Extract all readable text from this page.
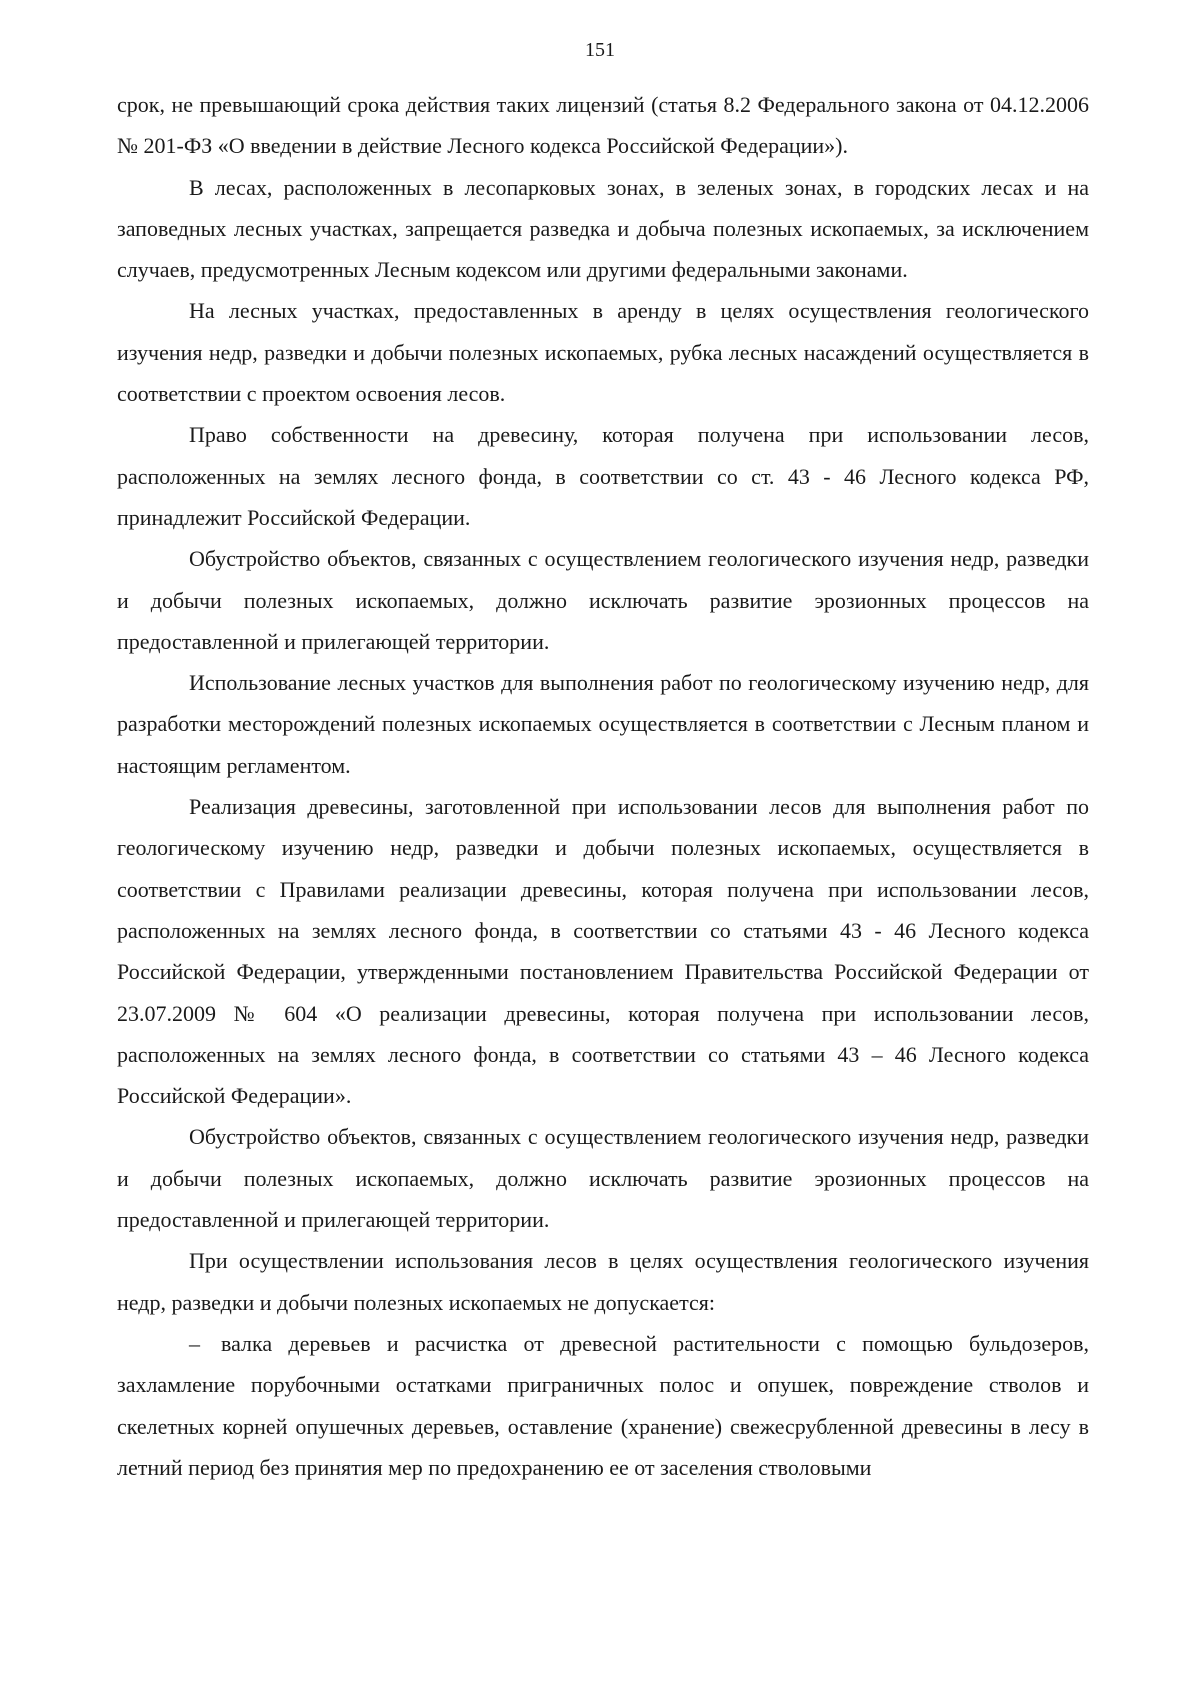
151

срок, не превышающий срока действия таких лицензий (статья 8.2 Федерального закона от 04.12.2006 № 201-ФЗ «О введении в действие Лесного кодекса Российской Федерации»).

В лесах, расположенных в лесопарковых зонах, в зеленых зонах, в городских лесах и на заповедных лесных участках, запрещается разведка и добыча полезных ископаемых, за исключением случаев, предусмотренных Лесным кодексом или другими федеральными законами.

На лесных участках, предоставленных в аренду в целях осуществления геологического изучения недр, разведки и добычи полезных ископаемых, рубка лесных насаждений осуществляется в соответствии с проектом освоения лесов.

Право собственности на древесину, которая получена при использовании лесов, расположенных на землях лесного фонда, в соответствии со ст. 43 - 46 Лесного кодекса РФ, принадлежит Российской Федерации.

Обустройство объектов, связанных с осуществлением геологического изучения недр, разведки и добычи полезных ископаемых, должно исключать развитие эрозионных процессов на предоставленной и прилегающей территории.

Использование лесных участков для выполнения работ по геологическому изучению недр, для разработки месторождений полезных ископаемых осуществляется в соответствии с Лесным планом и настоящим регламентом.

Реализация древесины, заготовленной при использовании лесов для выполнения работ по геологическому изучению недр, разведки и добычи полезных ископаемых, осуществляется в соответствии с Правилами реализации древесины, которая получена при использовании лесов, расположенных на землях лесного фонда, в соответствии со статьями 43 - 46 Лесного кодекса Российской Федерации, утвержденными постановлением Правительства Российской Федерации от 23.07.2009 № 604 «О реализации древесины, которая получена при использовании лесов, расположенных на землях лесного фонда, в соответствии со статьями 43 – 46 Лесного кодекса Российской Федерации».

Обустройство объектов, связанных с осуществлением геологического изучения недр, разведки и добычи полезных ископаемых, должно исключать развитие эрозионных процессов на предоставленной и прилегающей территории.

При осуществлении использования лесов в целях осуществления геологического изучения недр, разведки и добычи полезных ископаемых не допускается:

– валка деревьев и расчистка от древесной растительности с помощью бульдозеров, захламление порубочными остатками приграничных полос и опушек, повреждение стволов и скелетных корней опушечных деревьев, оставление (хранение) свежесрубленной древесины в лесу в летний период без принятия мер по предохранению ее от заселения стволовыми
